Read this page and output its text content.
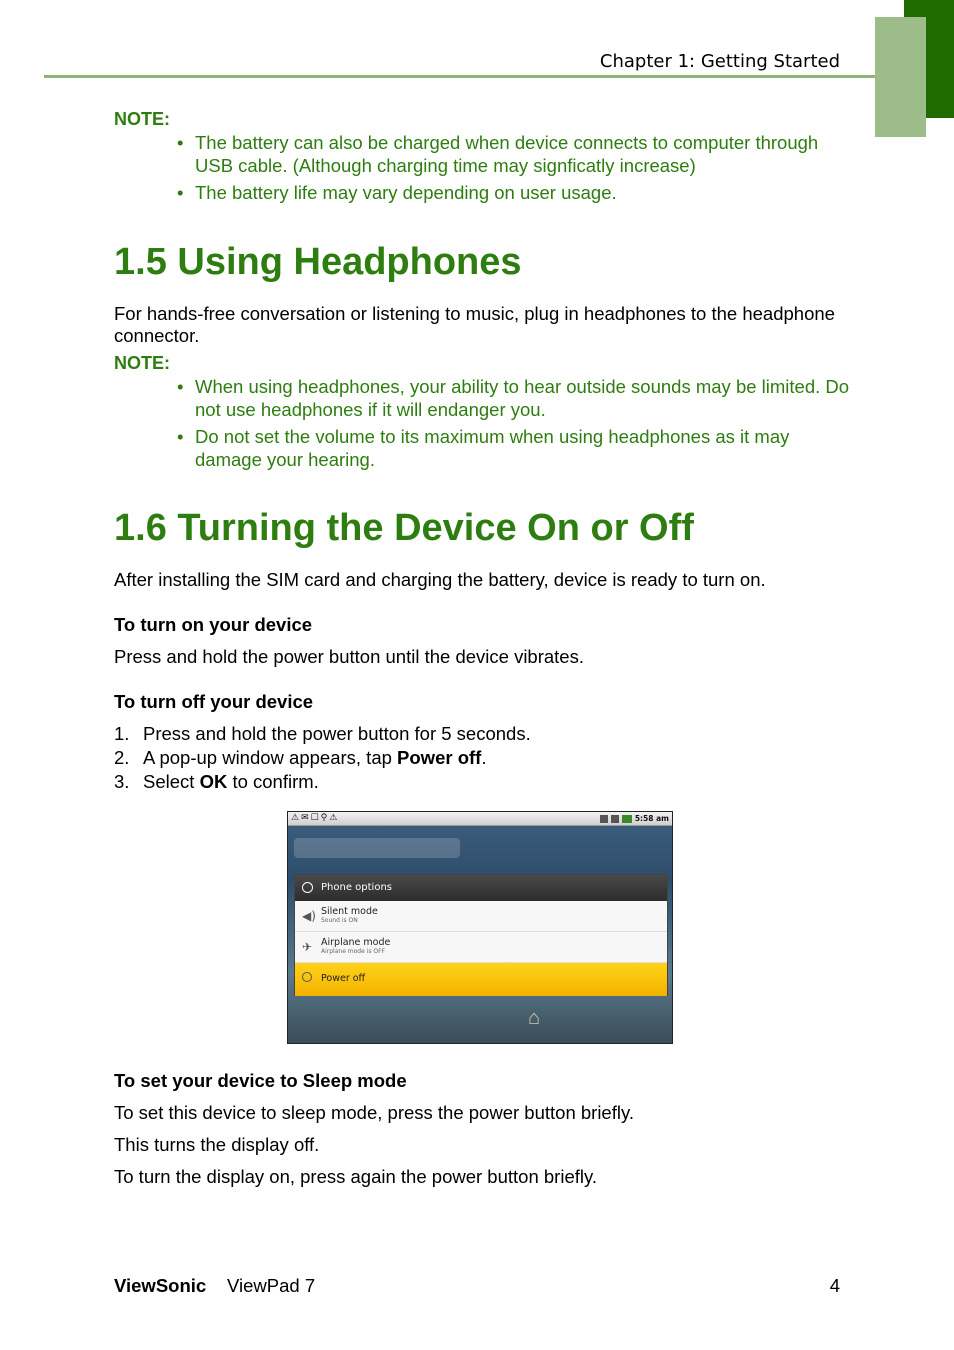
Chapter 1: Getting Started
NOTE:
• The battery can also be charged when device connects to computer through USB cable. (Although charging time may signficatly increase)
• The battery life may vary depending on user usage.
1.5 Using Headphones

For hands-free conversation or listening to music, plug in headphones to the headphone connector.

NOTE:
• When using headphones, your ability to hear outside sounds may be limited. Do not use headphones if it will endanger you.
• Do not set the volume to its maximum when using headphones as it may damage your hearing.
1.6 Turning the Device On or Off

After installing the SIM card and charging the battery, device is ready to turn on.

To turn on your device

Press and hold the power button until the device vibrates.

To turn off your device
1. Press and hold the power button for 5 seconds.
2. A pop-up window appears, tap Power off.
3. Select OK to confirm.
⚠✉☐⚲⚠	5:58 am
Phone options
◀) Silent mode
Sound is ON
✈ Airplane mode
Airplane mode is OFF
Power off
⌂
To set your device to Sleep mode

To set this device to sleep mode, press the power button briefly.

This turns the display off.

To turn the display on, press again the power button briefly.

ViewSonic ViewPad 7	4
